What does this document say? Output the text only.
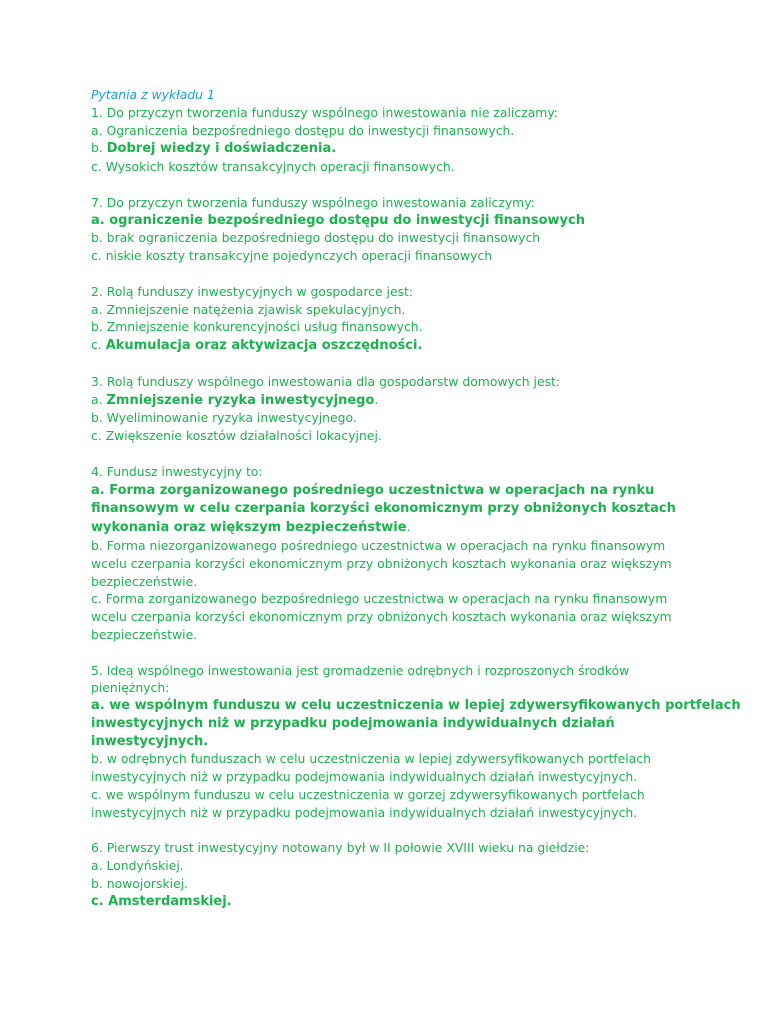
Pytania z wykładu 1
1. Do przyczyn tworzenia funduszy wspólnego inwestowania nie zaliczamy:
a. Ograniczenia bezpośredniego dostępu do inwestycji finansowych.
b. Dobrej wiedzy i doświadczenia.
c. Wysokich kosztów transakcyjnych operacji finansowych.
7. Do przyczyn tworzenia funduszy wspólnego inwestowania zaliczymy:
a. ograniczenie bezpośredniego dostępu do inwestycji finansowych
b. brak ograniczenia bezpośredniego dostępu do inwestycji finansowych
c. niskie koszty transakcyjne pojedynczych operacji finansowych
2. Rolą funduszy inwestycyjnych w gospodarce jest:
a. Zmniejszenie natężenia zjawisk spekulacyjnych.
b. Zmniejszenie konkurencyjności usług finansowych.
c. Akumulacja oraz aktywizacja oszczędności.
3. Rolą funduszy wspólnego inwestowania dla gospodarstw domowych jest:
a. Zmniejszenie ryzyka inwestycyjnego.
b. Wyeliminowanie ryzyka inwestycyjnego.
c. Zwiększenie kosztów działalności lokacyjnej.
4. Fundusz inwestycyjny to:
a. Forma zorganizowanego pośredniego uczestnictwa w operacjach na rynku finansowym w celu czerpania korzyści ekonomicznym przy obniżonych kosztach wykonania oraz większym bezpieczeństwie.
b. Forma niezorganizowanego pośredniego uczestnictwa w operacjach na rynku finansowym wcelu czerpania korzyści ekonomicznym przy obniżonych kosztach wykonania oraz większym bezpieczeństwie.
c. Forma zorganizowanego bezpośredniego uczestnictwa w operacjach na rynku finansowym wcelu czerpania korzyści ekonomicznym przy obniżonych kosztach wykonania oraz większym bezpieczeństwie.
5. Ideą wspólnego inwestowania jest gromadzenie odrębnych i rozproszonych środków pieniężnych:
a. we wspólnym funduszu w celu uczestniczenia w lepiej zdywersyfikowanych portfelach
inwestycyjnych niż w przypadku podejmowania indywidualnych działań
inwestycyjnych.
b. w odrębnych funduszach w celu uczestniczenia w lepiej zdywersyfikowanych portfelach inwestycyjnych niż w przypadku podejmowania indywidualnych działań inwestycyjnych.
c. we wspólnym funduszu w celu uczestniczenia w gorzej zdywersyfikowanych portfelach inwestycyjnych niż w przypadku podejmowania indywidualnych działań inwestycyjnych.
6. Pierwszy trust inwestycyjny notowany był w II połowie XVIII wieku na giełdzie:
a. Londyńskiej.
b. nowojorskiej.
c. Amsterdamskiej.
